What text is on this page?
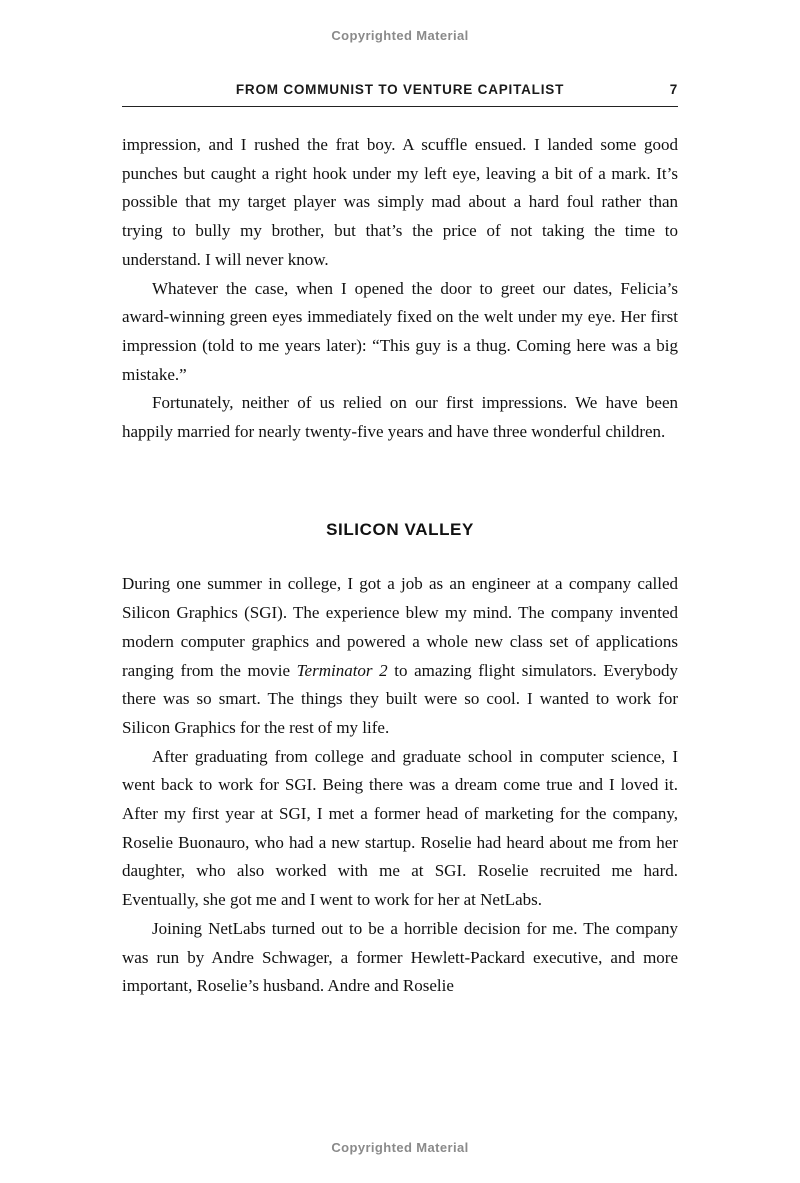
Copyrighted Material
FROM COMMUNIST TO VENTURE CAPITALIST	7

impression, and I rushed the frat boy. A scuffle ensued. I landed some good punches but caught a right hook under my left eye, leaving a bit of a mark. It’s possible that my target player was simply mad about a hard foul rather than trying to bully my brother, but that’s the price of not taking the time to understand. I will never know.

Whatever the case, when I opened the door to greet our dates, Felicia’s award-winning green eyes immediately fixed on the welt under my eye. Her first impression (told to me years later): “This guy is a thug. Coming here was a big mistake.”

Fortunately, neither of us relied on our first impressions. We have been happily married for nearly twenty-five years and have three wonderful children.

SILICON VALLEY

During one summer in college, I got a job as an engineer at a company called Silicon Graphics (SGI). The experience blew my mind. The company invented modern computer graphics and powered a whole new class set of applications ranging from the movie Terminator 2 to amazing flight simulators. Everybody there was so smart. The things they built were so cool. I wanted to work for Silicon Graphics for the rest of my life.

After graduating from college and graduate school in computer science, I went back to work for SGI. Being there was a dream come true and I loved it. After my first year at SGI, I met a former head of marketing for the company, Roselie Buonauro, who had a new startup. Roselie had heard about me from her daughter, who also worked with me at SGI. Roselie recruited me hard. Eventually, she got me and I went to work for her at NetLabs.

Joining NetLabs turned out to be a horrible decision for me. The company was run by Andre Schwager, a former Hewlett-Packard executive, and more important, Roselie’s husband. Andre and Roselie

Copyrighted Material
